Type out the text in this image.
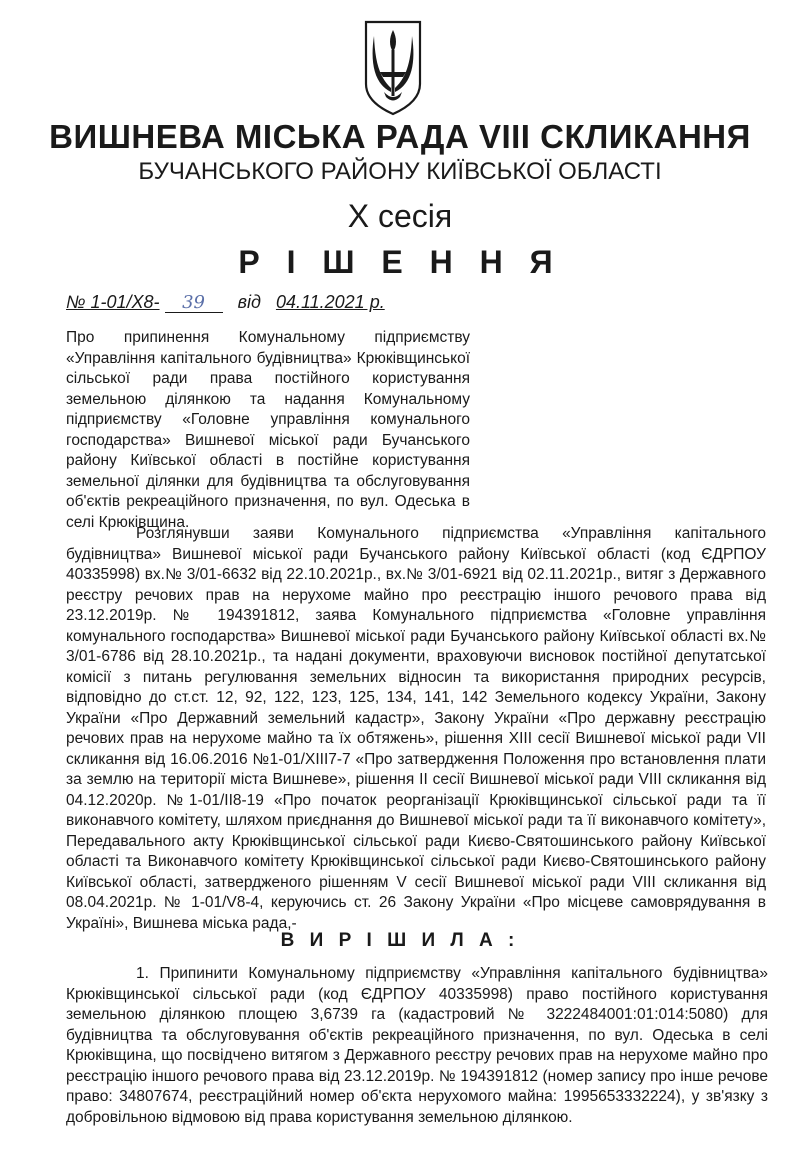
ВИШНЕВА МІСЬКА РАДА VIII СКЛИКАННЯ
БУЧАНСЬКОГО РАЙОНУ КИЇВСЬКОЇ ОБЛАСТІ
Х сесія
Р І Ш Е Н Н Я
№ 1-01/Х8- 39 від 04.11.2021 р.
Про припинення Комунальному підприємству «Управління капітального будівництва» Крюківщинської сільської ради права постійного користування земельною ділянкою та надання Комунальному підприємству «Головне управління комунального господарства» Вишневої міської ради Бучанського району Київської області в постійне користування земельної ділянки для будівництва та обслуговування об'єктів рекреаційного призначення, по вул. Одеська в селі Крюківщина.

Розглянувши заяви Комунального підприємства «Управління капітального будівництва» Вишневої міської ради Бучанського району Київської області (код ЄДРПОУ 40335998) вх.№ 3/01-6632 від 22.10.2021р., вх.№ 3/01-6921 від 02.11.2021р., витяг з Державного реєстру речових прав на нерухоме майно про реєстрацію іншого речового права від 23.12.2019р. № 194391812, заява Комунального підприємства «Головне управління комунального господарства» Вишневої міської ради Бучанського району Київської області вх.№ 3/01-6786 від 28.10.2021р., та надані документи, враховуючи висновок постійної депутатської комісії з питань регулювання земельних відносин та використання природних ресурсів, відповідно до ст.ст. 12, 92, 122, 123, 125, 134, 141, 142 Земельного кодексу України, Закону України «Про Державний земельний кадастр», Закону України «Про державну реєстрацію речових прав на нерухоме майно та їх обтяжень», рішення XIII сесії Вишневої міської ради VII скликання від 16.06.2016 №1-01/XIII7-7 «Про затвердження Положення про встановлення плати за землю на території міста Вишневе», рішення II сесії Вишневої міської ради VIII скликання від 04.12.2020р. №1-01/II8-19 «Про початок реорганізації Крюківщинської сільської ради та її виконавчого комітету, шляхом приєднання до Вишневої міської ради та її виконавчого комітету», Передавального акту Крюківщинської сільської ради Києво-Святошинського району Київської області та Виконавчого комітету Крюківщинської сільської ради Києво-Святошинського району Київської області, затвердженого рішенням V сесії Вишневої міської ради VIII скликання від 08.04.2021р. № 1-01/V8-4, керуючись ст. 26 Закону України «Про місцеве самоврядування в Україні», Вишнева міська рада,-

В И Р І Ш И Л А :

1. Припинити Комунальному підприємству «Управління капітального будівництва» Крюківщинської сільської ради (код ЄДРПОУ 40335998) право постійного користування земельною ділянкою площею 3,6739 га (кадастровий № 3222484001:01:014:5080) для будівництва та обслуговування об'єктів рекреаційного призначення, по вул. Одеська в селі Крюківщина, що посвідчено витягом з Державного реєстру речових прав на нерухоме майно про реєстрацію іншого речового права від 23.12.2019р. № 194391812 (номер запису про інше речове право: 34807674, реєстраційний номер об'єкта нерухомого майна: 1995653332224), у зв'язку з добровільною відмовою від права користування земельною ділянкою.
